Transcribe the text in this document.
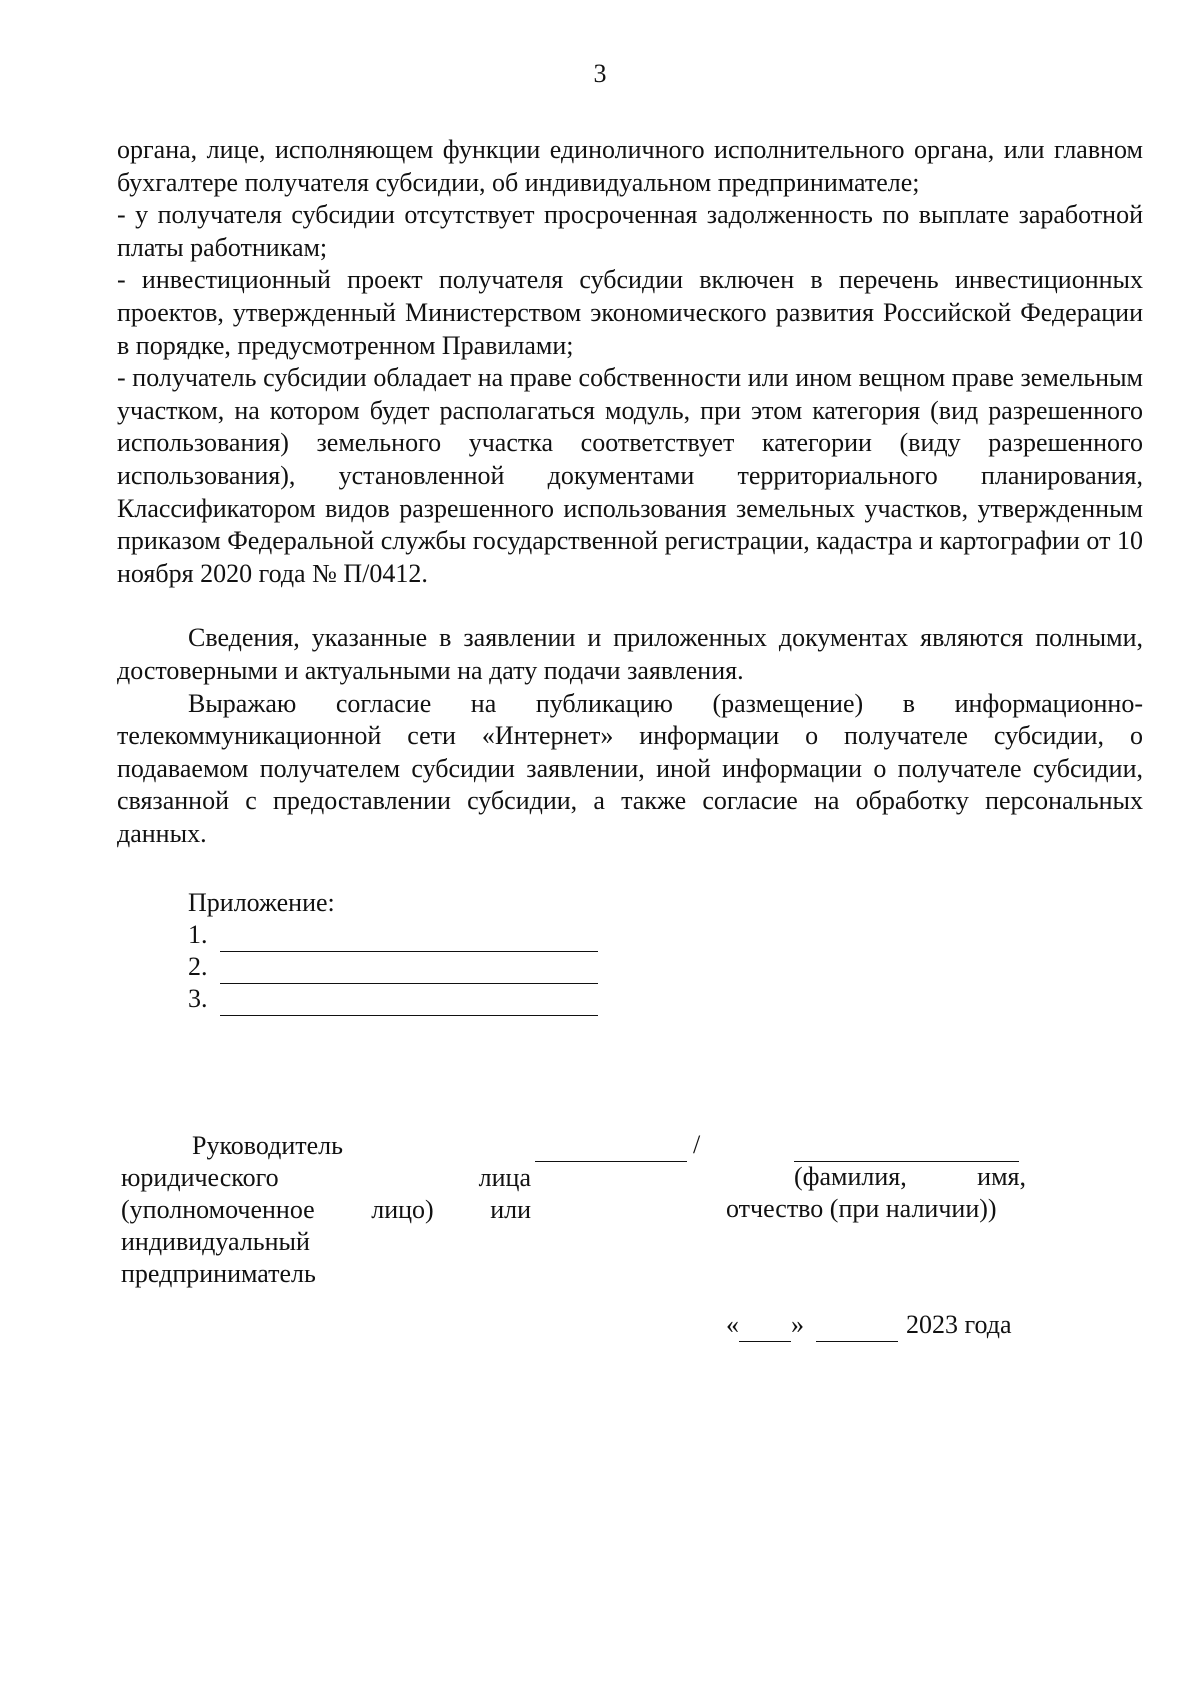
3

органа, лице, исполняющем функции единоличного исполнительного органа, или главном бухгалтере получателя субсидии, об индивидуальном предпринимателе;

- у получателя субсидии отсутствует просроченная задолженность по выплате заработной платы работникам;

- инвестиционный проект получателя субсидии включен в перечень инвестиционных проектов, утвержденный Министерством экономического развития Российской Федерации в порядке, предусмотренном Правилами;

- получатель субсидии обладает на праве собственности или ином вещном праве земельным участком, на котором будет располагаться модуль, при этом категория (вид разрешенного использования) земельного участка соответствует категории (виду разрешенного использования), установленной документами территориального планирования, Классификатором видов разрешенного использования земельных участков, утвержденным приказом Федеральной службы государственной регистрации, кадастра и картографии от 10 ноября 2020 года № П/0412.

Сведения, указанные в заявлении и приложенных документах являются полными, достоверными и актуальными на дату подачи заявления.

Выражаю согласие на публикацию (размещение) в информационно-телекоммуникационной сети «Интернет» информации о получателе субсидии, о подаваемом получателем субсидии заявлении, иной информации о получателе субсидии, связанной с предоставлении субсидии, а также согласие на обработку персональных данных.

Приложение:
1.
2.
3.
Руководитель
юридического	лица
(уполномоченное лицо) или
индивидуальный
предприниматель
/
(фамилия,	имя,
отчество (при наличии))
« »	2023 года
